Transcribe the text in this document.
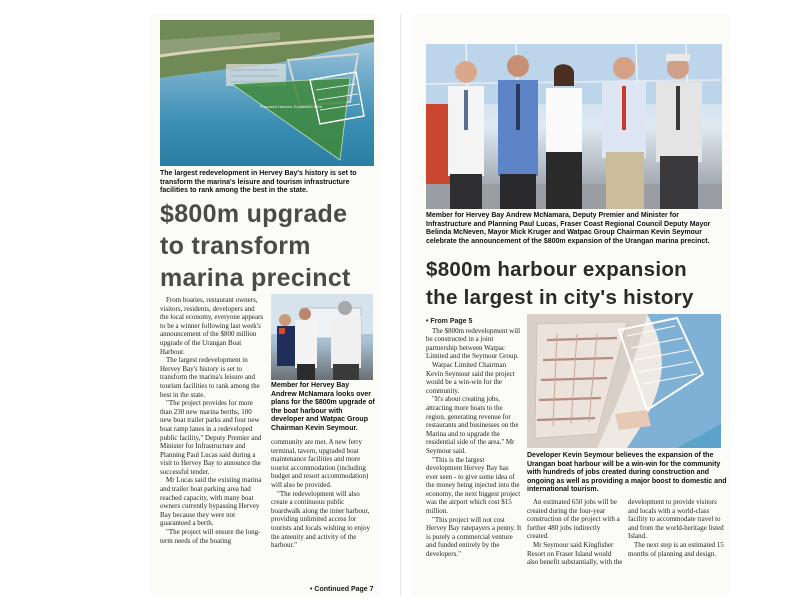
Proposed Harbour Expansion Area
The largest redevelopment in Hervey Bay's history is set to transform the marina's leisure and tourism infrastructure facilities to rank among the best in the state.
$800m upgrade
to transform
marina precinct

From boaties, restaurant owners, visitors, residents, developers and the local economy, everyone appears to be a winner following last week's announcement of the $800 million upgrade of the Urangan Boat Harbour.

The largest redevelopment in Hervey Bay's history is set to transform the marina's leisure and tourism facilities to rank among the best in the state.

"The project provides for more than 230 new marina berths, 100 new boat trailer parks and four new boat ramp lanes in a redeveloped public facility," Deputy Premier and Minister for Infrastructure and Planning Paul Lucas said during a visit to Hervey Bay to announce the successful tender.

Mr Lucas said the existing marina and trailer boat parking area had reached capacity, with many boat owners currently bypassing Hervey Bay because they were not guaranteed a berth.

"The project will ensure the long-term needs of the boating

Member for Hervey Bay Andrew McNamara looks over plans for the $800m upgrade of the boat harbour with developer and Watpac Group Chairman Kevin Seymour.

community are met. A new ferry terminal, tavern, upgraded boat maintenance facilities and more tourist accommodation (including budget and resort accommodation) will also be provided.

"The redevelopment will also create a continuous public boardwalk along the inner harbour, providing unlimited access for tourists and locals wishing to enjoy the amenity and activity of the harbour."

• Continued Page 7
Member for Hervey Bay Andrew McNamara, Deputy Premier and Minister for Infrastructure and Planning Paul Lucas, Fraser Coast Regional Council Deputy Mayor Belinda McNeven, Mayor Mick Kruger and Watpac Group Chairman Kevin Seymour celebrate the announcement of the $800m expansion of the Urangan marina precinct.
$800m harbour expansion
the largest in city's history
• From Page 5

The $800m redevelopment will be constructed in a joint partnership between Watpac Limited and the Seymour Group.

Watpac Limited Chairman Kevin Seymour said the project would be a win-win for the community.

"It's about creating jobs, attracting more boats to the region, generating revenue for restaurants and businesses on the Marina and to upgrade the residential side of the area," Mr Seymour said.

"This is the largest development Hervey Bay has ever seen - to give some idea of the money being injected into the economy, the next biggest project was the airport which cost $15 million.

"This project will not cost Hervey Bay ratepayers a penny. It is purely a commercial venture and funded entirely by the developers."

Developer Kevin Seymour believes the expansion of the Urangan boat harbour will be a win-win for the community with hundreds of jobs created during construction and ongoing as well as providing a major boost to domestic and international tourism.

An estimated 650 jobs will be created during the four-year construction of the project with a further 480 jobs indirectly created.

Mr Seymour said Kingfisher Resort on Fraser Island would also benefit substantially, with the

development to provide visitors and locals with a world-class facility to accommodate travel to and from the world-heritage listed Island.

The next step is an estimated 15 months of planning and design.
